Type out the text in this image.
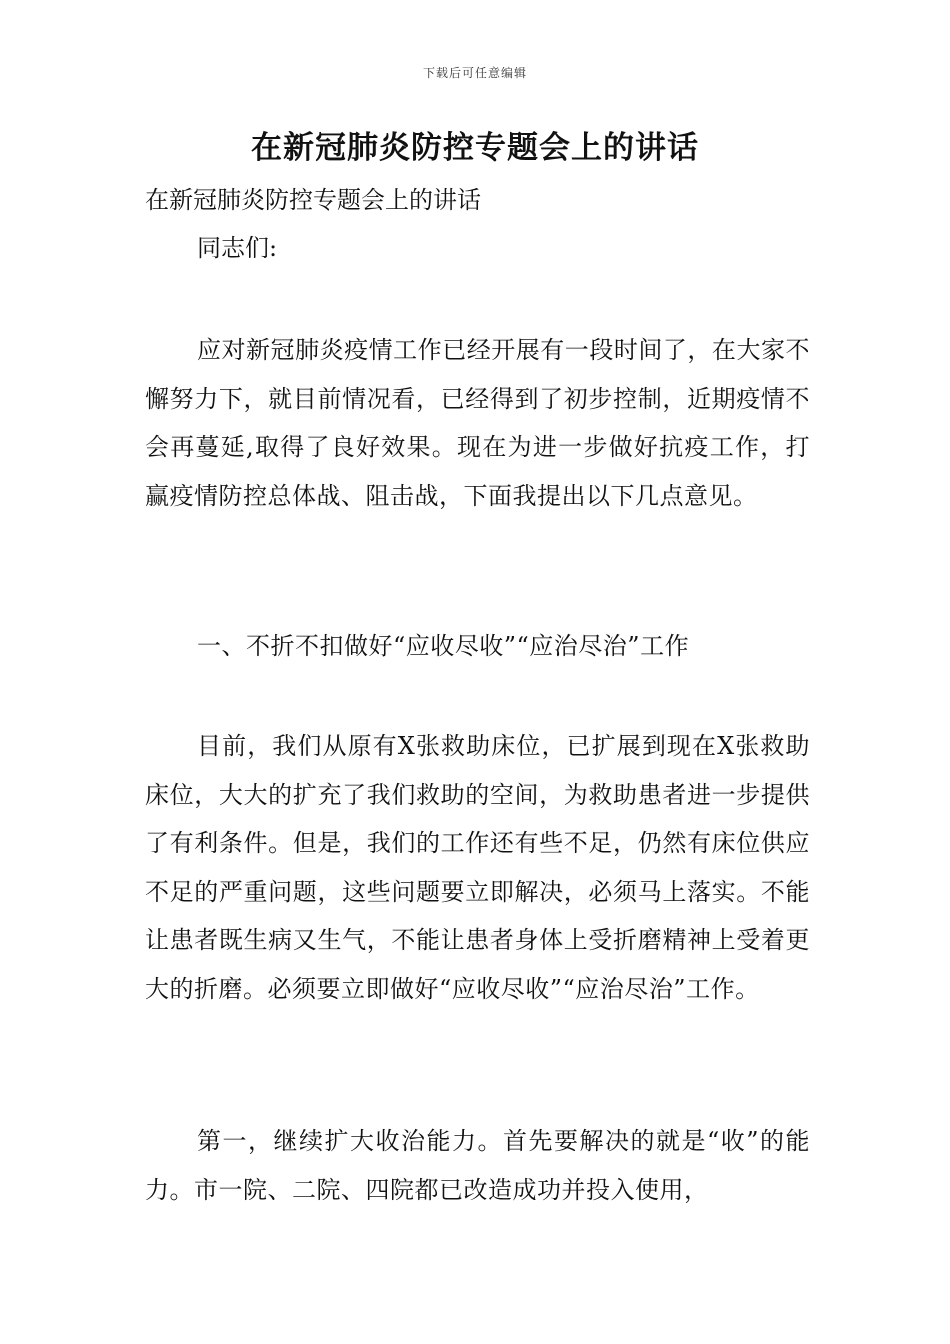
下载后可任意编辑
在新冠肺炎防控专题会上的讲话

在新冠肺炎防控专题会上的讲话

同志们:

应对新冠肺炎疫情工作已经开展有一段时间了，在大家不懈努力下，就目前情况看，已经得到了初步控制，近期疫情不会再蔓延,取得了良好效果。现在为进一步做好抗疫工作，打赢疫情防控总体战、阻击战，下面我提出以下几点意见。

一、不折不扣做好“应收尽收”“应治尽治”工作

目前，我们从原有X张救助床位，已扩展到现在X张救助床位，大大的扩充了我们救助的空间，为救助患者进一步提供了有利条件。但是，我们的工作还有些不足，仍然有床位供应不足的严重问题，这些问题要立即解决，必须马上落实。不能让患者既生病又生气，不能让患者身体上受折磨精神上受着更大的折磨。必须要立即做好“应收尽收”“应治尽治”工作。

第一，继续扩大收治能力。首先要解决的就是“收”的能力。市一院、二院、四院都已改造成功并投入使用，
